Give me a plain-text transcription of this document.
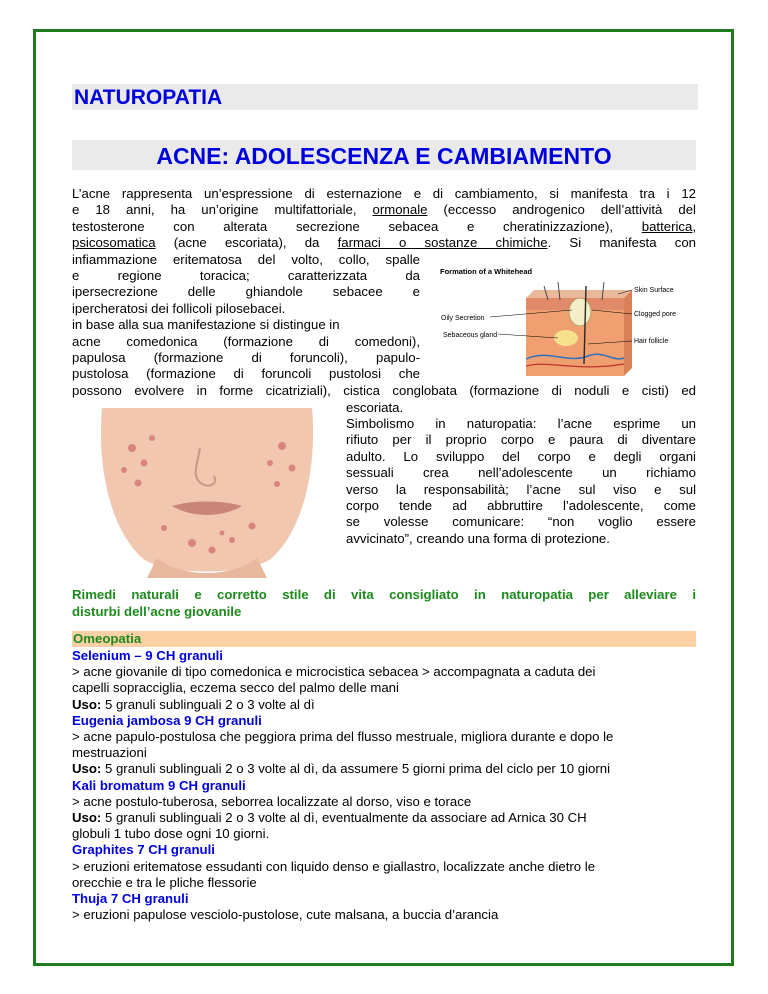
NATUROPATIA
ACNE: ADOLESCENZA E CAMBIAMENTO
L’acne rappresenta un’espressione di esternazione e di cambiamento, si manifesta tra i 12
e 18 anni, ha un’origine multifattoriale, ormonale (eccesso androgenico dell’attività del
testosterone con alterata secrezione sebacea e cheratinizzazione), batterica,
psicosomatica (acne escoriata), da farmaci o sostanze chimiche. Si manifesta con
infiammazione eritematosa del volto, collo, spalle
e regione toracica; caratterizzata da
ipersecrezione delle ghiandole sebacee e
ipercheratosi dei follicoli pilosebacei.
in base alla sua manifestazione si distingue in
acne comedonica (formazione di comedoni),
papulosa (formazione di foruncoli), papulo-
pustolosa (formazione di foruncoli pustolosi che
possono evolvere in forme cicatriziali), cistica conglobata (formazione di noduli e cisti) ed
escoriata.
Simbolismo in naturopatia: l’acne esprime un
rifiuto per il proprio corpo e paura di diventare
adulto. Lo sviluppo del corpo e degli organi
sessuali crea nell’adolescente un richiamo
verso la responsabilità; l’acne sul viso e sul
corpo tende ad abbruttire l’adolescente, come
se volesse comunicare: “non voglio essere
avvicinato”, creando una forma di protezione.
Formation of a Whitehead
Oily Secretion
Sebaceous gland
Skin Surface
Clogged pore
Hair follicle
Rimedi naturali e corretto stile di vita consigliato in naturopatia per alleviare i
disturbi dell’acne giovanile
Omeopatia
Selenium – 9 CH granuli
> acne giovanile di tipo comedonica e microcistica sebacea > accompagnata a caduta dei
capelli sopracciglia, eczema secco del palmo delle mani
Uso: 5 granuli sublinguali 2 o 3 volte al dì
Eugenia jambosa 9 CH granuli
> acne papulo-postulosa che peggiora prima del flusso mestruale, migliora durante e dopo le
mestruazioni
Uso: 5 granuli sublinguali 2 o 3 volte al dì, da assumere 5 giorni prima del ciclo per 10 giorni
Kali bromatum 9 CH granuli
> acne postulo-tuberosa, seborrea localizzate al dorso, viso e torace
Uso: 5 granuli sublinguali 2 o 3 volte al dì, eventualmente da associare ad Arnica 30 CH
globuli 1 tubo dose ogni 10 giorni.
Graphites 7 CH granuli
> eruzioni eritematose essudanti con liquido denso e giallastro, localizzate anche dietro le
orecchie e tra le pliche flessorie
Thuja 7 CH granuli
> eruzioni papulose vesciolo-pustolose, cute malsana, a buccia d’arancia
